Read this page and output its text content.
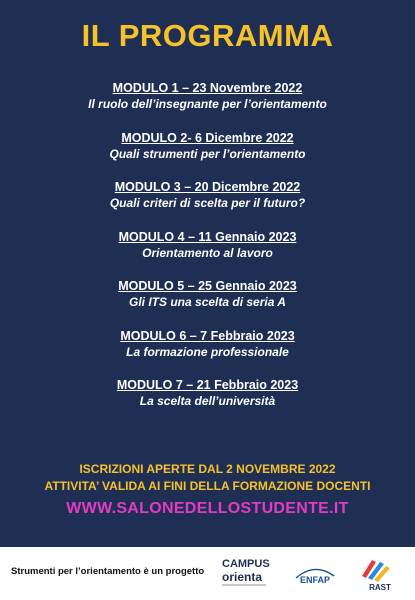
IL PROGRAMMA
MODULO 1 – 23 Novembre 2022
Il ruolo dell’insegnante per l’orientamento
MODULO 2- 6 Dicembre 2022
Quali strumenti per l’orientamento
MODULO 3 – 20 Dicembre 2022
Quali criteri di scelta per il futuro?
MODULO 4 – 11 Gennaio 2023
Orientamento al lavoro
MODULO 5 – 25 Gennaio 2023
Gli ITS una scelta di seria A
MODULO 6 – 7 Febbraio 2023
La formazione professionale
MODULO 7 – 21 Febbraio 2023
La scelta dell’università
ISCRIZIONI APERTE DAL 2 NOVEMBRE 2022
ATTIVITA’ VALIDA AI FINI DELLA FORMAZIONE DOCENTI
WWW.SALONEDELLOSTUDENTE.IT
Strumenti per l’orientamento è un progetto
CAMPUS
orienta	ENFAP
RAST
